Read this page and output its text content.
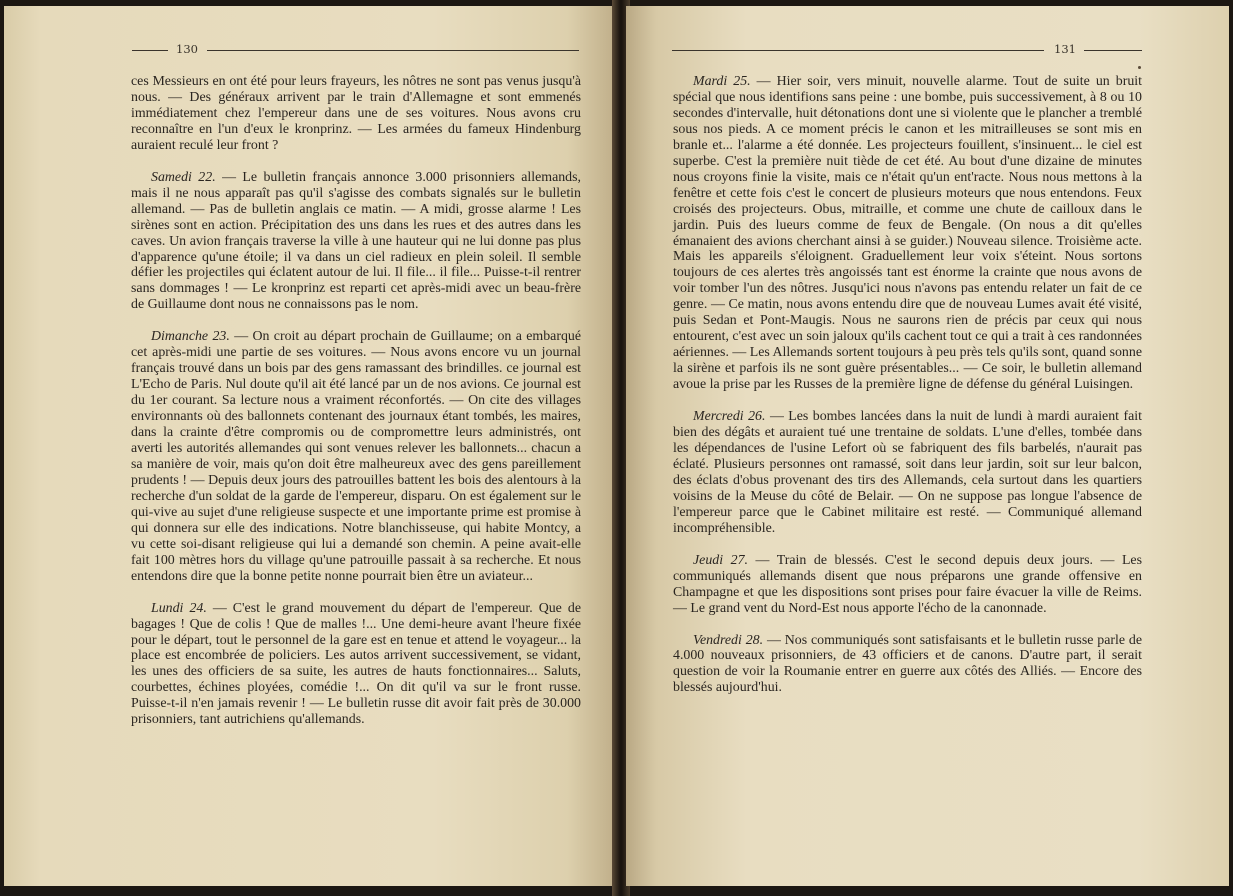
130

ces Messieurs en ont été pour leurs frayeurs, les nôtres ne sont pas venus jusqu'à nous. — Des généraux arrivent par le train d'Allemagne et sont emmenés immédiatement chez l'empereur dans une de ses voitures. Nous avons cru reconnaître en l'un d'eux le kronprinz. — Les armées du fameux Hindenburg auraient reculé leur front ?

Samedi 22. — Le bulletin français annonce 3.000 prisonniers allemands, mais il ne nous apparaît pas qu'il s'agisse des combats signalés sur le bulletin allemand. — Pas de bulletin anglais ce matin. — A midi, grosse alarme ! Les sirènes sont en action. Précipitation des uns dans les rues et des autres dans les caves. Un avion français traverse la ville à une hauteur qui ne lui donne pas plus d'apparence qu'une étoile; il va dans un ciel radieux en plein soleil. Il semble défier les projectiles qui éclatent autour de lui. Il file... il file... Puisse-t-il rentrer sans dommages ! — Le kronprinz est reparti cet après-midi avec un beau-frère de Guillaume dont nous ne connaissons pas le nom.

Dimanche 23. — On croit au départ prochain de Guillaume; on a embarqué cet après-midi une partie de ses voitures. — Nous avons encore vu un journal français trouvé dans un bois par des gens ramassant des brindilles. ce journal est L'Echo de Paris. Nul doute qu'il ait été lancé par un de nos avions. Ce journal est du 1er courant. Sa lecture nous a vraiment réconfortés. — On cite des villages environnants où des ballonnets contenant des journaux étant tombés, les maires, dans la crainte d'être compromis ou de compromettre leurs administrés, ont averti les autorités allemandes qui sont venues relever les ballonnets... chacun a sa manière de voir, mais qu'on doit être malheureux avec des gens pareillement prudents ! — Depuis deux jours des patrouilles battent les bois des alentours à la recherche d'un soldat de la garde de l'empereur, disparu. On est également sur le qui-vive au sujet d'une religieuse suspecte et une importante prime est promise à qui donnera sur elle des indications. Notre blanchisseuse, qui habite Montcy, a vu cette soi-disant religieuse qui lui a demandé son chemin. A peine avait-elle fait 100 mètres hors du village qu'une patrouille passait à sa recherche. Et nous entendons dire que la bonne petite nonne pourrait bien être un aviateur...

Lundi 24. — C'est le grand mouvement du départ de l'empereur. Que de bagages ! Que de colis ! Que de malles !... Une demi-heure avant l'heure fixée pour le départ, tout le personnel de la gare est en tenue et attend le voyageur... la place est encombrée de policiers. Les autos arrivent successivement, se vidant, les unes des officiers de sa suite, les autres de hauts fonctionnaires... Saluts, courbettes, échines ployées, comédie !... On dit qu'il va sur le front russe. Puisse-t-il n'en jamais revenir ! — Le bulletin russe dit avoir fait près de 30.000 prisonniers, tant autrichiens qu'allemands.

131

Mardi 25. — Hier soir, vers minuit, nouvelle alarme. Tout de suite un bruit spécial que nous identifions sans peine : une bombe, puis successivement, à 8 ou 10 secondes d'intervalle, huit détonations dont une si violente que le plancher a tremblé sous nos pieds. A ce moment précis le canon et les mitrailleuses se sont mis en branle et... l'alarme a été donnée. Les projecteurs fouillent, s'insinuent... le ciel est superbe. C'est la première nuit tiède de cet été. Au bout d'une dizaine de minutes nous croyons finie la visite, mais ce n'était qu'un ent'racte. Nous nous mettons à la fenêtre et cette fois c'est le concert de plusieurs moteurs que nous entendons. Feux croisés des projecteurs. Obus, mitraille, et comme une chute de cailloux dans le jardin. Puis des lueurs comme de feux de Bengale. (On nous a dit qu'elles émanaient des avions cherchant ainsi à se guider.) Nouveau silence. Troisième acte. Mais les appareils s'éloignent. Graduellement leur voix s'éteint. Nous sortons toujours de ces alertes très angoissés tant est énorme la crainte que nous avons de voir tomber l'un des nôtres. Jusqu'ici nous n'avons pas entendu relater un fait de ce genre. — Ce matin, nous avons entendu dire que de nouveau Lumes avait été visité, puis Sedan et Pont-Maugis. Nous ne saurons rien de précis par ceux qui nous entourent, c'est avec un soin jaloux qu'ils cachent tout ce qui a trait à ces randonnées aériennes. — Les Allemands sortent toujours à peu près tels qu'ils sont, quand sonne la sirène et parfois ils ne sont guère présentables... — Ce soir, le bulletin allemand avoue la prise par les Russes de la première ligne de défense du général Luisingen.

Mercredi 26. — Les bombes lancées dans la nuit de lundi à mardi auraient fait bien des dégâts et auraient tué une trentaine de soldats. L'une d'elles, tombée dans les dépendances de l'usine Lefort où se fabriquent des fils barbelés, n'aurait pas éclaté. Plusieurs personnes ont ramassé, soit dans leur jardin, soit sur leur balcon, des éclats d'obus provenant des tirs des Allemands, cela surtout dans les quartiers voisins de la Meuse du côté de Belair. — On ne suppose pas longue l'absence de l'empereur parce que le Cabinet militaire est resté. — Communiqué allemand incompréhensible.

Jeudi 27. — Train de blessés. C'est le second depuis deux jours. — Les communiqués allemands disent que nous préparons une grande offensive en Champagne et que les dispositions sont prises pour faire évacuer la ville de Reims. — Le grand vent du Nord-Est nous apporte l'écho de la canonnade.

Vendredi 28. — Nos communiqués sont satisfaisants et le bulletin russe parle de 4.000 nouveaux prisonniers, de 43 officiers et de canons. D'autre part, il serait question de voir la Roumanie entrer en guerre aux côtés des Alliés. — Encore des blessés aujourd'hui.
